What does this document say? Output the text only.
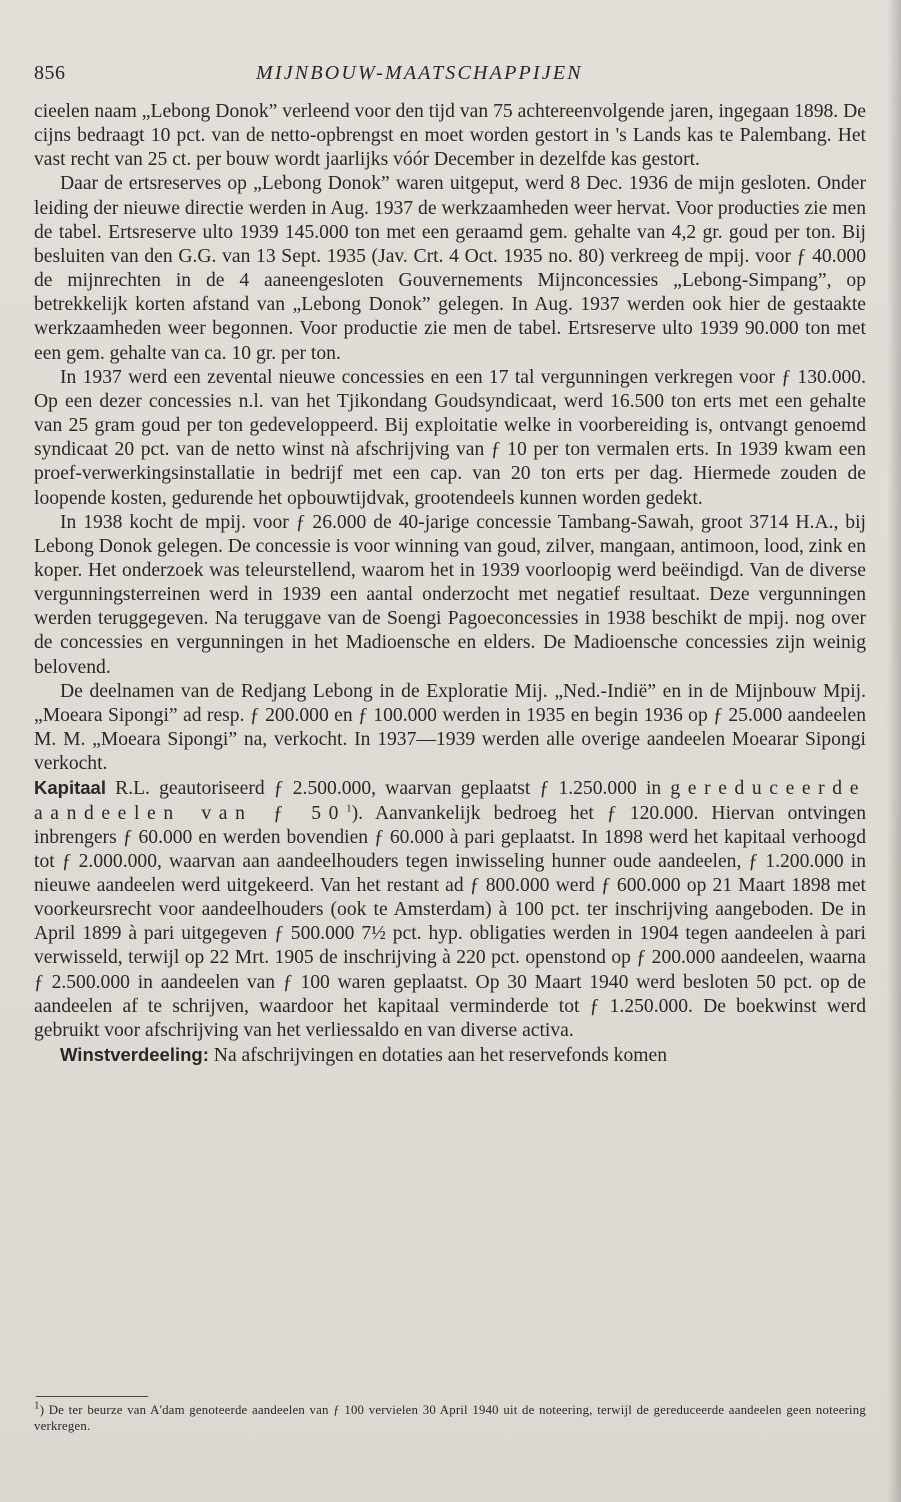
856	MIJNBOUW-MAATSCHAPPIJEN

cieelen naam „Lebong Donok” verleend voor den tijd van 75 achtereenvolgende jaren, ingegaan 1898. De cijns bedraagt 10 pct. van de netto-opbrengst en moet worden gestort in 's Lands kas te Palembang. Het vast recht van 25 ct. per bouw wordt jaarlijks vóór December in dezelfde kas gestort.

Daar de ertsreserves op „Lebong Donok” waren uitgeput, werd 8 Dec. 1936 de mijn gesloten. Onder leiding der nieuwe directie werden in Aug. 1937 de werkzaamheden weer hervat. Voor producties zie men de tabel. Ertsreserve ulto 1939 145.000 ton met een geraamd gem. gehalte van 4,2 gr. goud per ton. Bij besluiten van den G.G. van 13 Sept. 1935 (Jav. Crt. 4 Oct. 1935 no. 80) verkreeg de mpij. voor ƒ 40.000 de mijnrechten in de 4 aaneengesloten Gouvernements Mijnconcessies „Lebong-Simpang”, op betrekkelijk korten afstand van „Lebong Donok” gelegen. In Aug. 1937 werden ook hier de gestaakte werkzaamheden weer begonnen. Voor productie zie men de tabel. Ertsreserve ulto 1939 90.000 ton met een gem. gehalte van ca. 10 gr. per ton.

In 1937 werd een zevental nieuwe concessies en een 17 tal vergunningen verkregen voor ƒ 130.000. Op een dezer concessies n.l. van het Tjikondang Goudsyndicaat, werd 16.500 ton erts met een gehalte van 25 gram goud per ton gedeveloppeerd. Bij exploitatie welke in voorbereiding is, ontvangt genoemd syndicaat 20 pct. van de netto winst nà afschrijving van ƒ 10 per ton vermalen erts. In 1939 kwam een proef-verwerkingsinstallatie in bedrijf met een cap. van 20 ton erts per dag. Hiermede zouden de loopende kosten, gedurende het opbouwtijdvak, grootendeels kunnen worden gedekt.

In 1938 kocht de mpij. voor ƒ 26.000 de 40-jarige concessie Tambang-Sawah, groot 3714 H.A., bij Lebong Donok gelegen. De concessie is voor winning van goud, zilver, mangaan, antimoon, lood, zink en koper. Het onderzoek was teleurstellend, waarom het in 1939 voorloopig werd beëindigd. Van de diverse vergunningsterreinen werd in 1939 een aantal onderzocht met negatief resultaat. Deze vergunningen werden teruggegeven. Na teruggave van de Soengi Pagoeconcessies in 1938 beschikt de mpij. nog over de concessies en vergunningen in het Madioensche en elders. De Madioensche concessies zijn weinig belovend.

De deelnamen van de Redjang Lebong in de Exploratie Mij. „Ned.-Indië” en in de Mijnbouw Mpij. „Moeara Sipongi” ad resp. ƒ 200.000 en ƒ 100.000 werden in 1935 en begin 1936 op ƒ 25.000 aandeelen M. M. „Moeara Sipongi” na, verkocht. In 1937—1939 werden alle overige aandeelen Moearar Sipongi verkocht.

Kapitaal R.L. geautoriseerd ƒ 2.500.000, waarvan geplaatst ƒ 1.250.000 in gereduceerde aandeelen van ƒ $50^1$). Aanvankelijk bedroeg het ƒ 120.000. Hiervan ontvingen inbrengers ƒ 60.000 en werden bovendien ƒ 60.000 à pari geplaatst. In 1898 werd het kapitaal verhoogd tot ƒ 2.000.000, waarvan aan aandeelhouders tegen inwisseling hunner oude aandeelen, ƒ 1.200.000 in nieuwe aandeelen werd uitgekeerd. Van het restant ad ƒ 800.000 werd ƒ 600.000 op 21 Maart 1898 met voorkeursrecht voor aandeelhouders (ook te Amsterdam) à 100 pct. ter inschrijving aangeboden. De in April 1899 à pari uitgegeven ƒ 500.000 7½ pct. hyp. obligaties werden in 1904 tegen aandeelen à pari verwisseld, terwijl op 22 Mrt. 1905 de inschrijving à 220 pct. openstond op ƒ 200.000 aandeelen, waarna ƒ 2.500.000 in aandeelen van ƒ 100 waren geplaatst. Op 30 Maart 1940 werd besloten 50 pct. op de aandeelen af te schrijven, waardoor het kapitaal verminderde tot ƒ 1.250.000. De boekwinst werd gebruikt voor afschrijving van het verliessaldo en van diverse activa.

Winstverdeeling: Na afschrijvingen en dotaties aan het reservefonds komen

$^1$) De ter beurze van A'dam genoteerde aandeelen van ƒ 100 vervielen 30 April 1940 uit de noteering, terwijl de gereduceerde aandeelen geen noteering verkregen.
